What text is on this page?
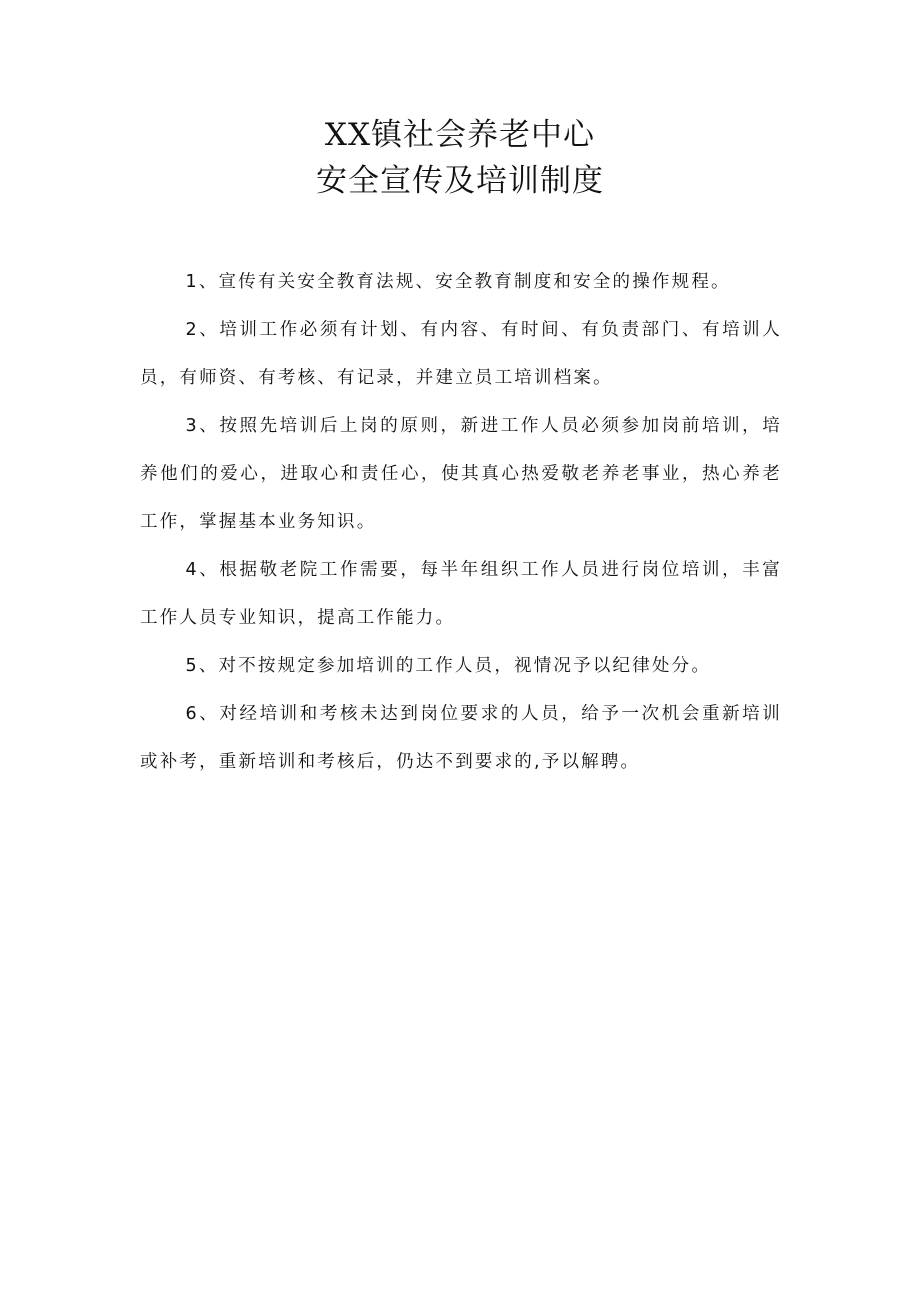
XX镇社会养老中心
安全宣传及培训制度

1、宣传有关安全教育法规、安全教育制度和安全的操作规程。

2、培训工作必须有计划、有内容、有时间、有负责部门、有培训人员，有师资、有考核、有记录，并建立员工培训档案。

3、按照先培训后上岗的原则，新进工作人员必须参加岗前培训，培养他们的爱心，进取心和责任心，使其真心热爱敬老养老事业，热心养老工作，掌握基本业务知识。

4、根据敬老院工作需要，每半年组织工作人员进行岗位培训，丰富工作人员专业知识，提高工作能力。

5、对不按规定参加培训的工作人员，视情况予以纪律处分。

6、对经培训和考核未达到岗位要求的人员，给予一次机会重新培训或补考，重新培训和考核后，仍达不到要求的,予以解聘。
